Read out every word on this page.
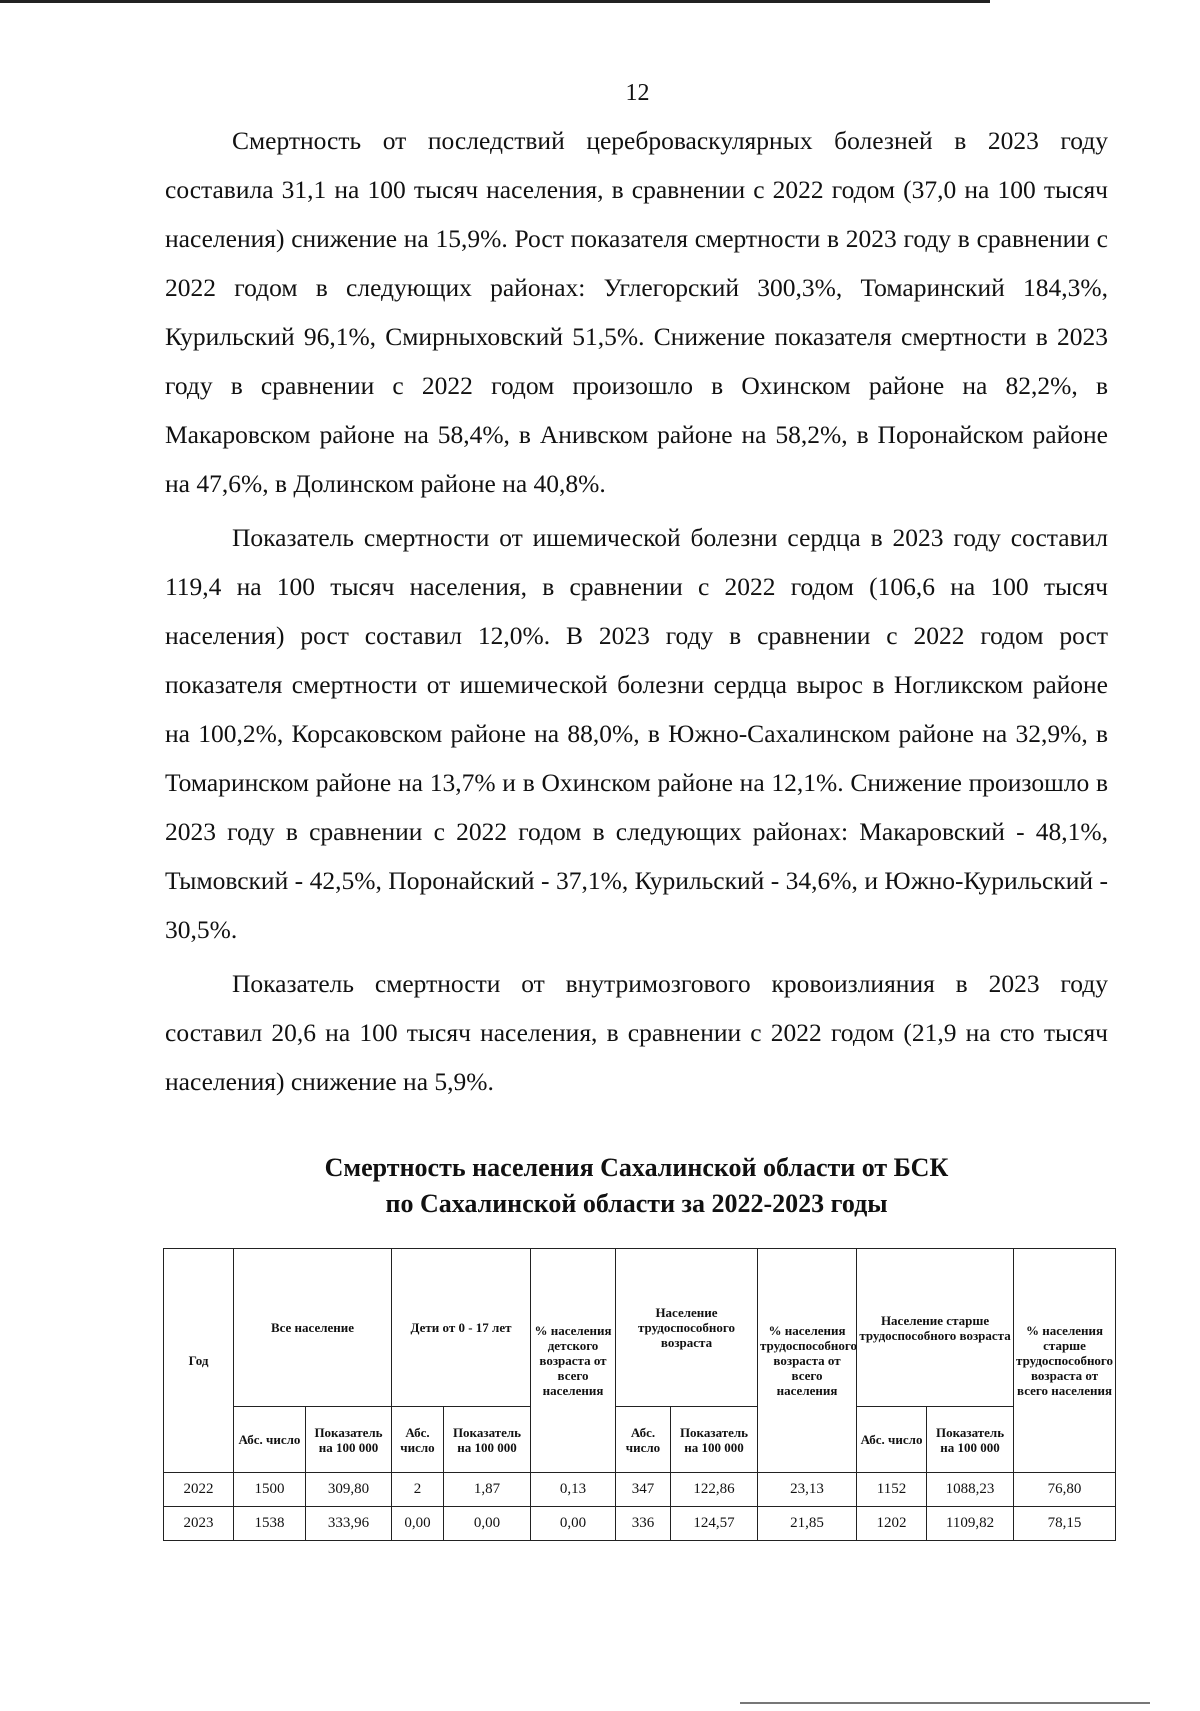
12

Смертность от последствий цереброваскулярных болезней в 2023 году составила 31,1 на 100 тысяч населения, в сравнении с 2022 годом (37,0 на 100 тысяч населения) снижение на 15,9%. Рост показателя смертности в 2023 году в сравнении с 2022 годом в следующих районах: Углегорский 300,3%, Томаринский 184,3%, Курильский 96,1%, Смирныховский 51,5%. Снижение показателя смертности в 2023 году в сравнении с 2022 годом произошло в Охинском районе на 82,2%, в Макаровском районе на 58,4%, в Анивском районе на 58,2%, в Поронайском районе на 47,6%, в Долинском районе на 40,8%.

Показатель смертности от ишемической болезни сердца в 2023 году составил 119,4 на 100 тысяч населения, в сравнении с 2022 годом (106,6 на 100 тысяч населения) рост составил 12,0%. В 2023 году в сравнении с 2022 годом рост показателя смертности от ишемической болезни сердца вырос в Ногликском районе на 100,2%, Корсаковском районе на 88,0%, в Южно-Сахалинском районе на 32,9%, в Томаринском районе на 13,7% и в Охинском районе на 12,1%. Снижение произошло в 2023 году в сравнении с 2022 годом в следующих районах: Макаровский - 48,1%, Тымовский - 42,5%, Поронайский - 37,1%, Курильский - 34,6%, и Южно-Курильский - 30,5%.

Показатель смертности от внутримозгового кровоизлияния в 2023 году составил 20,6 на 100 тысяч населения, в сравнении с 2022 годом (21,9 на сто тысяч населения) снижение на 5,9%.

Смертность населения Сахалинской области от БСК
по Сахалинской области за 2022-2023 годы
Год	Все население		Дети от 0 - 17 лет		% населения детского возраста от всего населения	Население трудоспособного возраста		% населения трудоспособного возраста от всего населения	Население старше трудоспособного возраста		% населения старше трудоспособного возраста от всего населения
	Абс. число	Показатель на 100 000	Абс. число	Показатель на 100 000		Абс. число	Показатель на 100 000		Абс. число	Показатель на 100 000	
2022	1500	309,80	2	1,87	0,13	347	122,86	23,13	1152	1088,23	76,80
2023	1538	333,96	0,00	0,00	0,00	336	124,57	21,85	1202	1109,82	78,15
